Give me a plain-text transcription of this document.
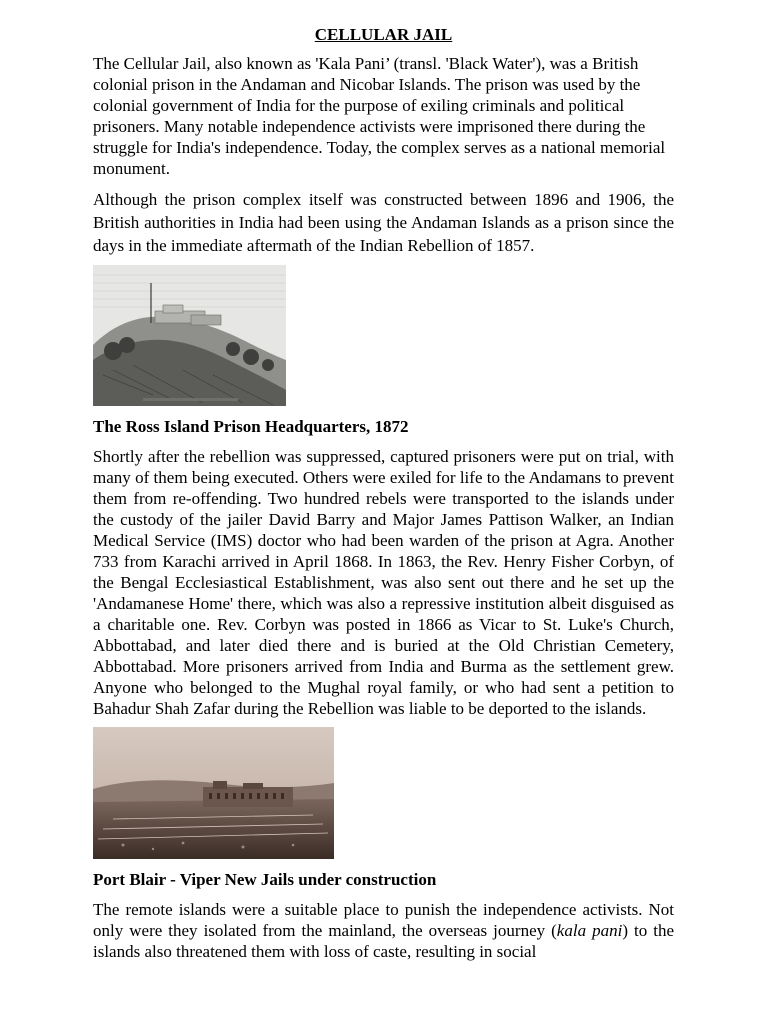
CELLULAR JAIL

The Cellular Jail, also known as 'Kala Pani’ (transl. 'Black Water'), was a British colonial prison in the Andaman and Nicobar Islands. The prison was used by the colonial government of India for the purpose of exiling criminals and political prisoners. Many notable independence activists were imprisoned there during the struggle for India's independence. Today, the complex serves as a national memorial monument.

Although the prison complex itself was constructed between 1896 and 1906, the British authorities in India had been using the Andaman Islands as a prison since the days in the immediate aftermath of the Indian Rebellion of 1857.

The Ross Island Prison Headquarters, 1872

Shortly after the rebellion was suppressed, captured prisoners were put on trial, with many of them being executed. Others were exiled for life to the Andamans to prevent them from re-offending. Two hundred rebels were transported to the islands under the custody of the jailer David Barry and Major James Pattison Walker, an Indian Medical Service (IMS) doctor who had been warden of the prison at Agra. Another 733 from Karachi arrived in April 1868. In 1863, the Rev. Henry Fisher Corbyn, of the Bengal Ecclesiastical Establishment, was also sent out there and he set up the 'Andamanese Home' there, which was also a repressive institution albeit disguised as a charitable one. Rev. Corbyn was posted in 1866 as Vicar to St. Luke's Church, Abbottabad, and later died there and is buried at the Old Christian Cemetery, Abbottabad. More prisoners arrived from India and Burma as the settlement grew. Anyone who belonged to the Mughal royal family, or who had sent a petition to Bahadur Shah Zafar during the Rebellion was liable to be deported to the islands.

Port Blair - Viper New Jails under construction

The remote islands were a suitable place to punish the independence activists. Not only were they isolated from the mainland, the overseas journey (kala pani) to the islands also threatened them with loss of caste, resulting in social
